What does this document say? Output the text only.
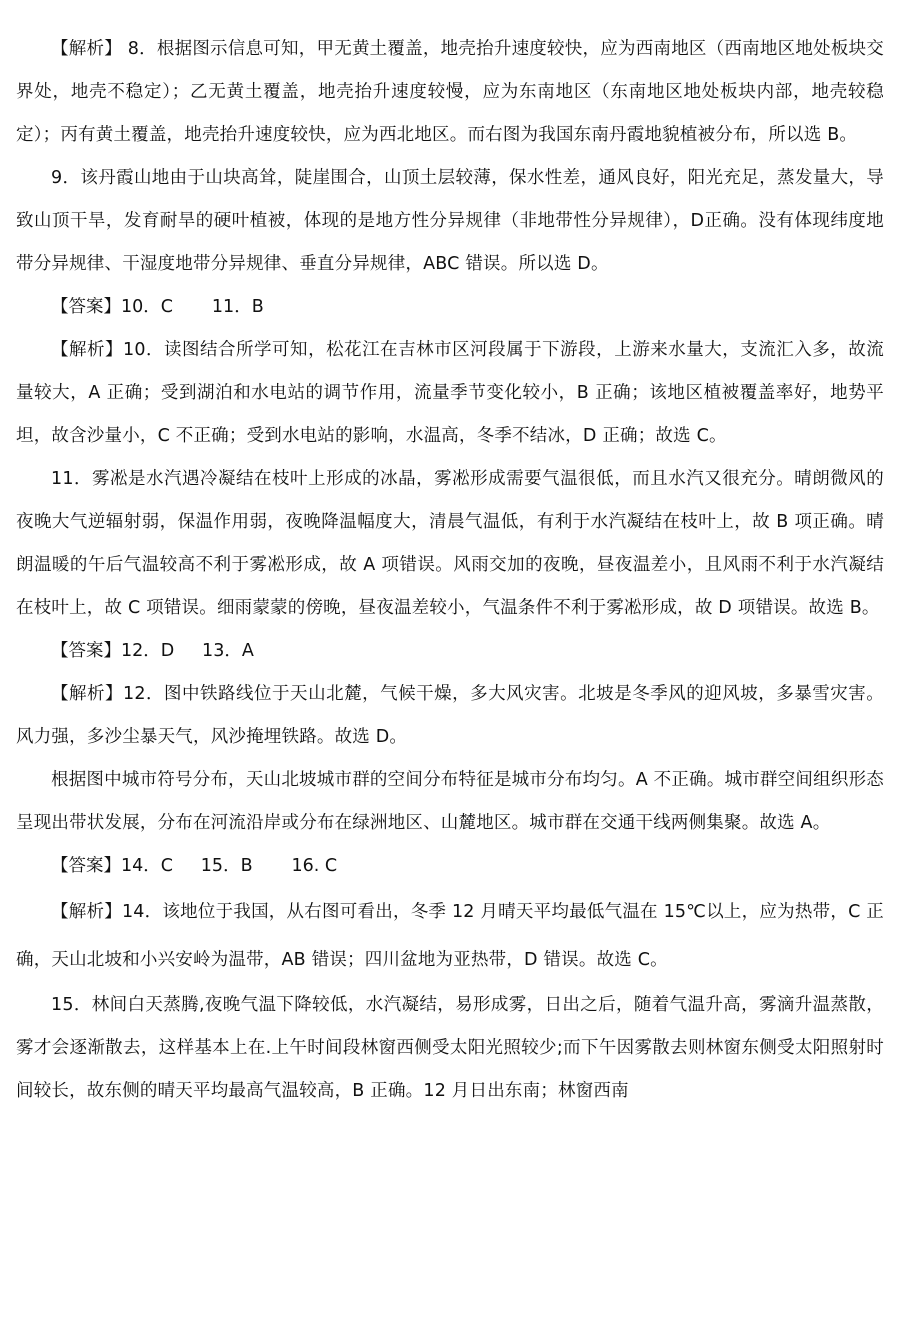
【解析】 8．根据图示信息可知，甲无黄土覆盖，地壳抬升速度较快，应为西南地区（西南地区地处板块交界处，地壳不稳定）；乙无黄土覆盖，地壳抬升速度较慢，应为东南地区（东南地区地处板块内部，地壳较稳定）；丙有黄土覆盖，地壳抬升速度较快，应为西北地区。而右图为我国东南丹霞地貌植被分布，所以选 B。

9．该丹霞山地由于山块高耸，陡崖围合，山顶土层较薄，保水性差，通风良好，阳光充足，蒸发量大，导致山顶干旱，发育耐旱的硬叶植被，体现的是地方性分异规律（非地带性分异规律），D正确。没有体现纬度地带分异规律、干湿度地带分异规律、垂直分异规律，ABC 错误。所以选 D。

【答案】10．C       11．B

【解析】10．读图结合所学可知，松花江在吉林市区河段属于下游段，上游来水量大，支流汇入多，故流量较大，A 正确；受到湖泊和水电站的调节作用，流量季节变化较小，B 正确；该地区植被覆盖率好，地势平坦，故含沙量小，C 不正确；受到水电站的影响，水温高，冬季不结冰，D 正确；故选 C。

11．雾凇是水汽遇冷凝结在枝叶上形成的冰晶，雾凇形成需要气温很低，而且水汽又很充分。晴朗微风的夜晚大气逆辐射弱，保温作用弱，夜晚降温幅度大，清晨气温低，有利于水汽凝结在枝叶上，故 B 项正确。晴朗温暖的午后气温较高不利于雾凇形成，故 A 项错误。风雨交加的夜晚，昼夜温差小，且风雨不利于水汽凝结在枝叶上，故 C 项错误。细雨蒙蒙的傍晚，昼夜温差较小，气温条件不利于雾凇形成，故 D 项错误。故选 B。

【答案】12．D     13．A

【解析】12．图中铁路线位于天山北麓，气候干燥，多大风灾害。北坡是冬季风的迎风坡，多暴雪灾害。风力强，多沙尘暴天气，风沙掩埋铁路。故选 D。

根据图中城市符号分布，天山北坡城市群的空间分布特征是城市分布均匀。A 不正确。城市群空间组织形态呈现出带状发展，分布在河流沿岸或分布在绿洲地区、山麓地区。城市群在交通干线两侧集聚。故选 A。

【答案】14．C     15．B       16. C

【解析】14．该地位于我国，从右图可看出，冬季 12 月晴天平均最低气温在 15℃以上，应为热带，C 正确，天山北坡和小兴安岭为温带，AB 错误；四川盆地为亚热带，D 错误。故选 C。

15．林间白天蒸腾,夜晚气温下降较低，水汽凝结，易形成雾，日出之后，随着气温升高，雾滴升温蒸散，雾才会逐渐散去，这样基本上在.上午时间段林窗西侧受太阳光照较少;而下午因雾散去则林窗东侧受太阳照射时间较长，故东侧的晴天平均最高气温较高，B 正确。12 月日出东南；林窗西南
